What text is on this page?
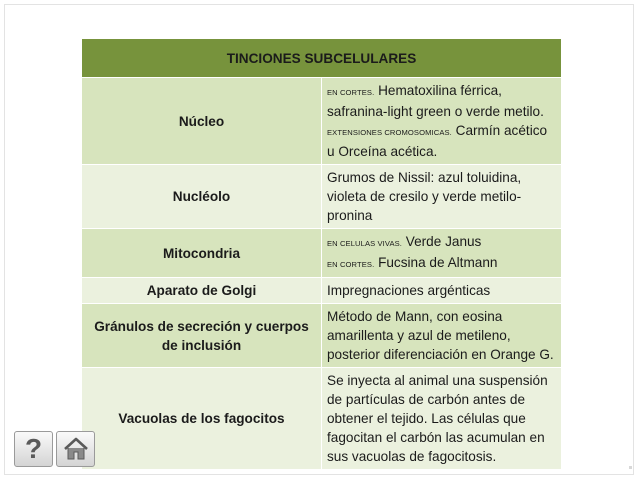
TINCIONES SUBCELULARES	
Núcleo	EN CORTES. Hematoxilina férrica, safranina-light green o verde metilo.
EXTENSIONES CROMOSOMICAS. Carmín acético u Orceína acética.

Nucléolo	Grumos de Nissil: azul toluidina, violeta de cresilo y verde metilo-pronina

Mitocondria	EN CELULAS VIVAS. Verde Janus
EN CORTES. Fucsina de Altmann

Aparato de Golgi	Impregnaciones argénticas

Gránulos de secreción y cuerpos de inclusión	Método de Mann, con eosina amarillenta y azul de metileno, posterior diferenciación en Orange G.

Vacuolas de los fagocitos	Se inyecta al animal una suspensión de partículas de carbón antes de obtener el tejido. Las células que fagocitan el carbón las acumulan en sus vacuolas de fagocitosis.
?
